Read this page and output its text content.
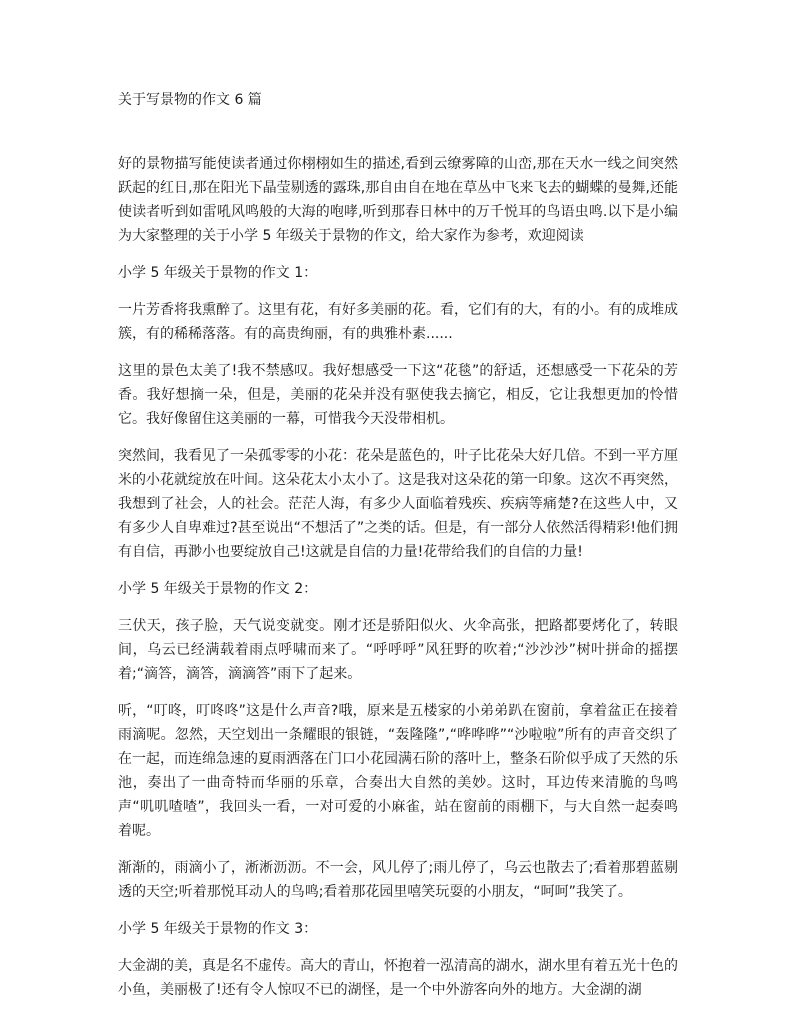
关于写景物的作文 6 篇

好的景物描写能使读者通过你栩栩如生的描述,看到云缭雾障的山峦,那在天水一线之间突然跃起的红日,那在阳光下晶莹剔透的露珠,那自由自在地在草丛中飞来飞去的蝴蝶的曼舞,还能使读者听到如雷吼风鸣般的大海的咆哮,听到那春日林中的万千悦耳的鸟语虫鸣.以下是小编为大家整理的关于小学 5 年级关于景物的作文，给大家作为参考，欢迎阅读

小学 5 年级关于景物的作文 1：

一片芳香将我熏醉了。这里有花，有好多美丽的花。看，它们有的大，有的小。有的成堆成簇，有的稀稀落落。有的高贵绚丽，有的典雅朴素......

这里的景色太美了!我不禁感叹。我好想感受一下这“花毯”的舒适，还想感受一下花朵的芳香。我好想摘一朵，但是，美丽的花朵并没有驱使我去摘它，相反，它让我想更加的怜惜它。我好像留住这美丽的一幕，可惜我今天没带相机。

突然间，我看见了一朵孤零零的小花：花朵是蓝色的，叶子比花朵大好几倍。不到一平方厘米的小花就绽放在叶间。这朵花太小太小了。这是我对这朵花的第一印象。这次不再突然，我想到了社会，人的社会。茫茫人海，有多少人面临着残疾、疾病等痛楚?在这些人中，又有多少人自卑难过?甚至说出“不想活了”之类的话。但是，有一部分人依然活得精彩!他们拥有自信，再渺小也要绽放自己!这就是自信的力量!花带给我们的自信的力量!

小学 5 年级关于景物的作文 2：

三伏天，孩子脸，天气说变就变。刚才还是骄阳似火、火伞高张，把路都要烤化了，转眼间，乌云已经满载着雨点呼啸而来了。“呼呼呼”风狂野的吹着;“沙沙沙”树叶拼命的摇摆着;“滴答，滴答，滴滴答”雨下了起来。

听，“叮咚，叮咚咚”这是什么声音?哦，原来是五楼家的小弟弟趴在窗前，拿着盆正在接着雨滴呢。忽然，天空划出一条耀眼的银链，“轰隆隆”,“哗哗哗”“沙啦啦”所有的声音交织了在一起，而连绵急速的夏雨洒落在门口小花园满石阶的落叶上，整条石阶似乎成了天然的乐池，奏出了一曲奇特而华丽的乐章，合奏出大自然的美妙。这时，耳边传来清脆的鸟鸣声“叽叽喳喳”，我回头一看，一对可爱的小麻雀，站在窗前的雨棚下，与大自然一起奏鸣着呢。

渐渐的，雨滴小了，淅淅沥沥。不一会，风儿停了;雨儿停了，乌云也散去了;看着那碧蓝剔透的天空;听着那悦耳动人的鸟鸣;看着那花园里嘻笑玩耍的小朋友，“呵呵”我笑了。

小学 5 年级关于景物的作文 3：

大金湖的美，真是名不虚传。高大的青山，怀抱着一泓清高的湖水，湖水里有着五光十色的小鱼，美丽极了!还有令人惊叹不已的湖怪，是一个中外游客向外的地方。大金湖的湖
